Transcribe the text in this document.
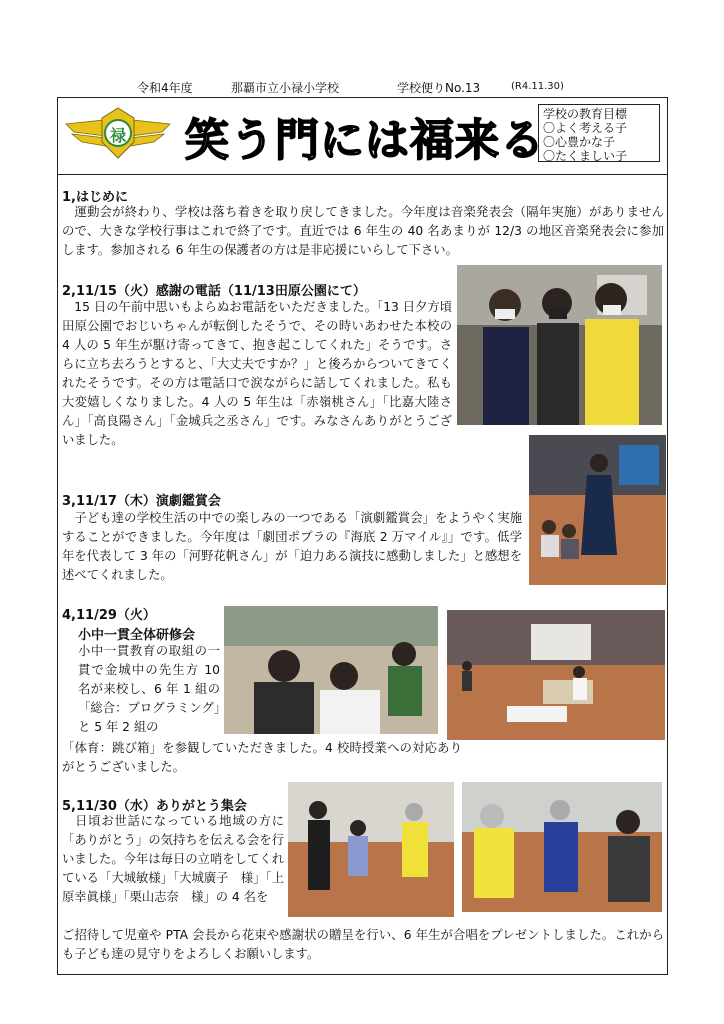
令和4年度	那覇市立小禄小学校	学校便りNo.13	(R4.11.30)
禄 笑う門には福来る
学校の教育目標
〇よく考える子
〇心豊かな子
〇たくましい子
1,はじめに
　運動会が終わり、学校は落ち着きを取り戻してきました。今年度は音楽発表会（隔年実施）がありませんので、大きな学校行事はこれで終了です。直近では 6 年生の 40 名あまりが 12/3 の地区音楽発表会に参加します。参加される 6 年生の保護者の方は是非応援にいらして下さい。
2,11/15（火）感謝の電話（11/13田原公園にて）
　15 日の午前中思いもよらぬお電話をいただきました。「13 日夕方頃田原公園でおじいちゃんが転倒したそうで、その時いあわせた本校の 4 人の 5 年生が駆け寄ってきて、抱き起こしてくれた」そうです。さらに立ち去ろうとすると、「大丈夫ですか？」と後ろからついてきてくれたそうです。その方は電話口で涙ながらに話してくれました。私も大変嬉しくなりました。4 人の 5 年生は「赤嶺桃さん」「比嘉大陸さん」「高良陽さん」「金城兵之丞さん」です。みなさんありがとうございました。
3,11/17（木）演劇鑑賞会
　子ども達の学校生活の中での楽しみの一つである「演劇鑑賞会」をようやく実施することができました。今年度は「劇団ポプラの『海底 2 万マイル』」です。低学年を代表して 3 年の「河野花帆さん」が「迫力ある演技に感動しました」と感想を述べてくれました。
4,11/29（火）
小中一貫全体研修会
小中一貫教育の取組の一貫で金城中の先生方 10 名が来校し、6 年 1 組の「総合：プログラミング」と 5 年 2 組の
「体育：跳び箱」を参観していただきました。4 校時授業への対応ありがとうございました。
5,11/30（水）ありがとう集会
　日頃お世話になっている地域の方に「ありがとう」の気持ちを伝える会を行いました。今年は毎日の立哨をしてくれている「大城敏様」「大城廣子　様」「上原幸眞様」「栗山志奈　様」の 4 名を
ご招待して児童や PTA 会長から花束や感謝状の贈呈を行い、6 年生が合唱をプレゼントしました。これからも子ども達の見守りをよろしくお願いします。
